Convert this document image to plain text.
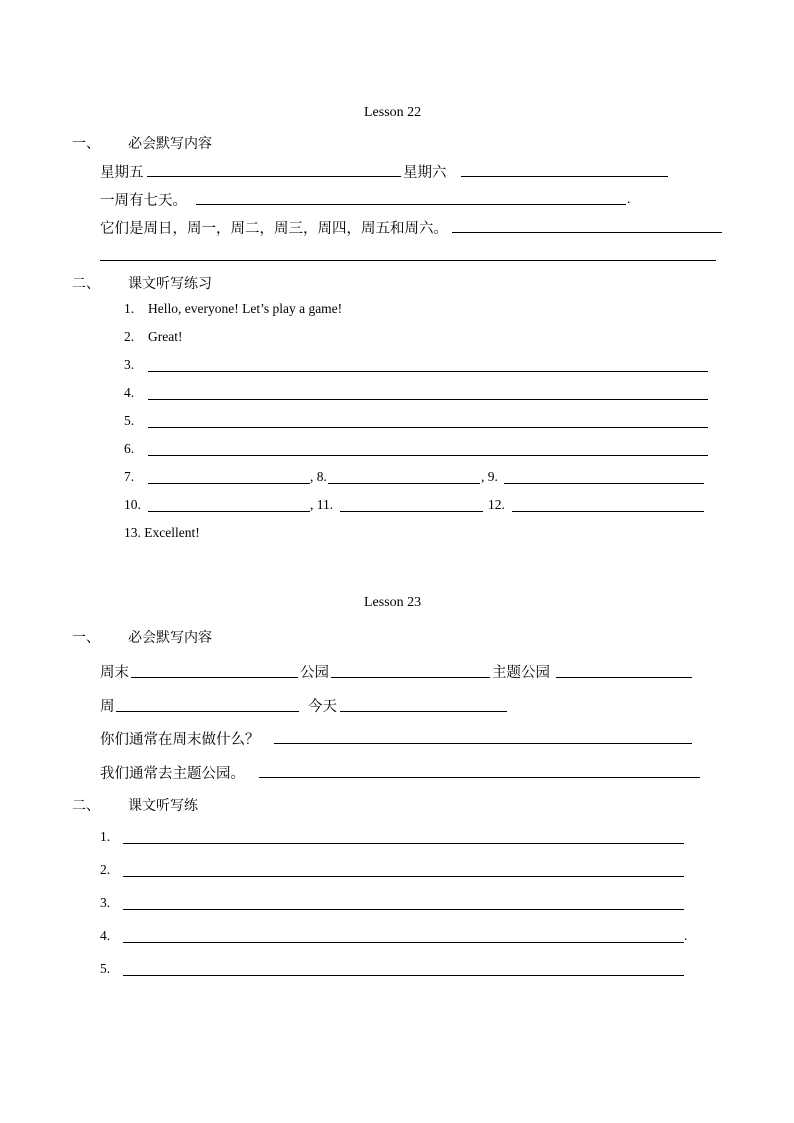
Lesson 22
一、 必会默写内容
星期五	星期六
一周有七天。	.
它们是周日，周一，周二，周三，周四，周五和周六。
二、 课文听写练习
1. Hello, everyone! Let’s play a game!
2. Great!
3.
4.
5.
6.
7.	, 8.	, 9.
10.	, 11.	12.
13. Excellent!
Lesson 23
一、 必会默写内容
周末	公园	主题公园
周	今天
你们通常在周末做什么？
我们通常去主题公园。
二、 课文听写练
1.
2.
3.
4.	.
5.
